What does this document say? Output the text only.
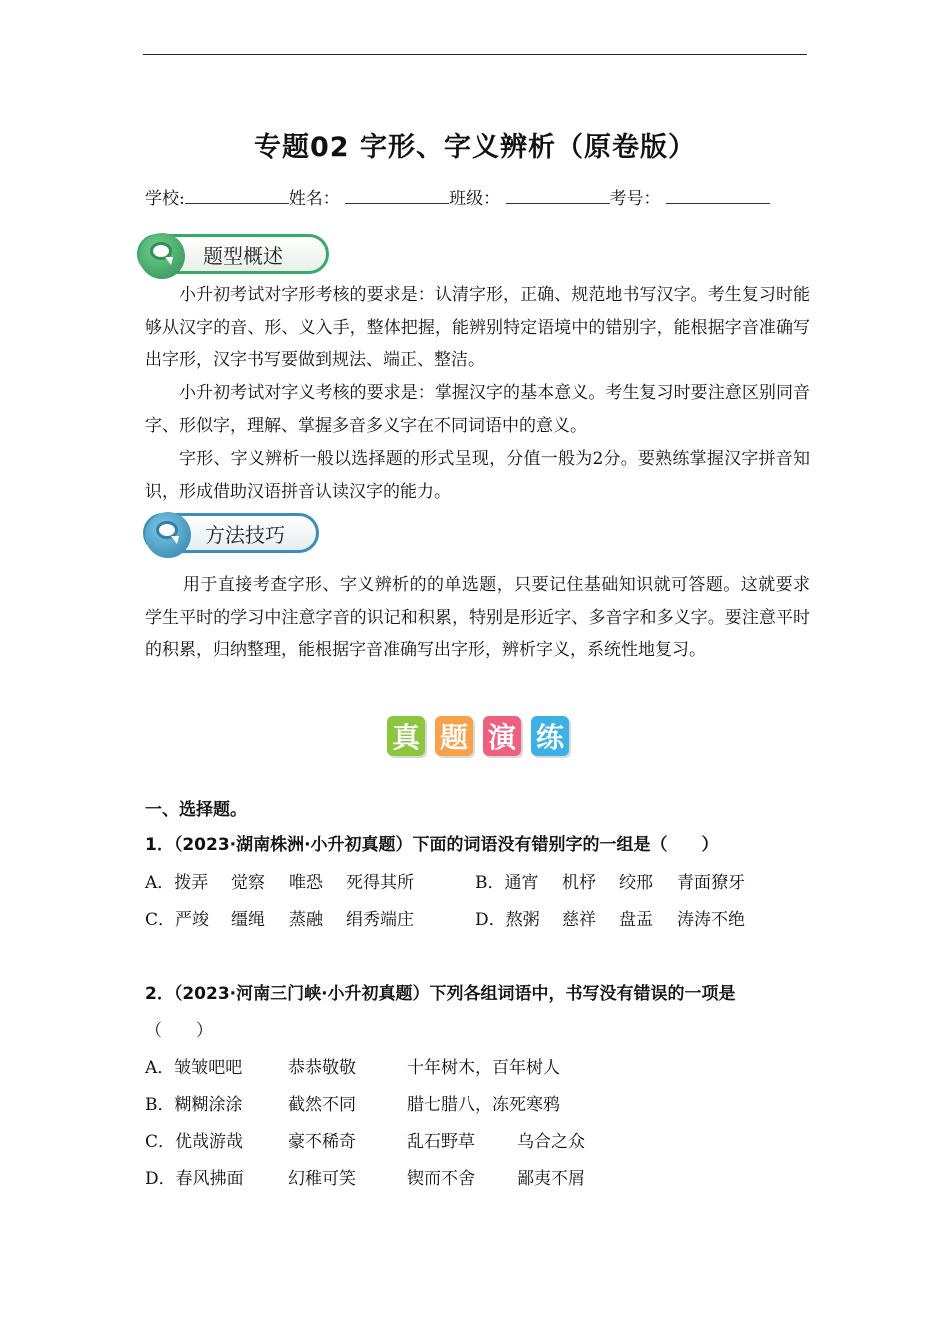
专题02 字形、字义辨析（原卷版）
学校:	姓名：	班级：	考号：
题型概述
小升初考试对字形考核的要求是：认清字形，正确、规范地书写汉字。考生复习时能够从汉字的音、形、义入手，整体把握，能辨别特定语境中的错别字，能根据字音准确写出字形，汉字书写要做到规法、端正、整洁。
小升初考试对字义考核的要求是：掌握汉字的基本意义。考生复习时要注意区别同音字、形似字，理解、掌握多音多义字在不同词语中的意义。
字形、字义辨析一般以选择题的形式呈现，分值一般为2分。要熟练掌握汉字拼音知识，形成借助汉语拼音认读汉字的能力。
方法技巧
用于直接考查字形、字义辨析的的单选题，只要记住基础知识就可答题。这就要求学生平时的学习中注意字音的识记和积累，特别是形近字、多音字和多义字。要注意平时的积累，归纳整理，能根据字音准确写出字形，辨析字义，系统性地复习。
真 题 演 练
一、选择题。
1．（2023·湖南株洲·小升初真题）下面的词语没有错别字的一组是（　　）
A．拨弄 觉察 唯恐 死得其所	B．通宵 机杼 绞邢 青面獠牙
C．严竣 缰绳 蒸融 绢秀端庄	D．熬粥 慈祥 盘盂 涛涛不绝
2．（2023·河南三门峡·小升初真题）下列各组词语中，书写没有错误的一项是
（　　）
A．皱皱吧吧	恭恭敬敬	十年树木，百年树人
B．糊糊涂涂	截然不同	腊七腊八，冻死寒鸦
C．优哉游哉	豪不稀奇	乱石野草 乌合之众
D．春风拂面	幻稚可笑	锲而不舍 鄙夷不屑
